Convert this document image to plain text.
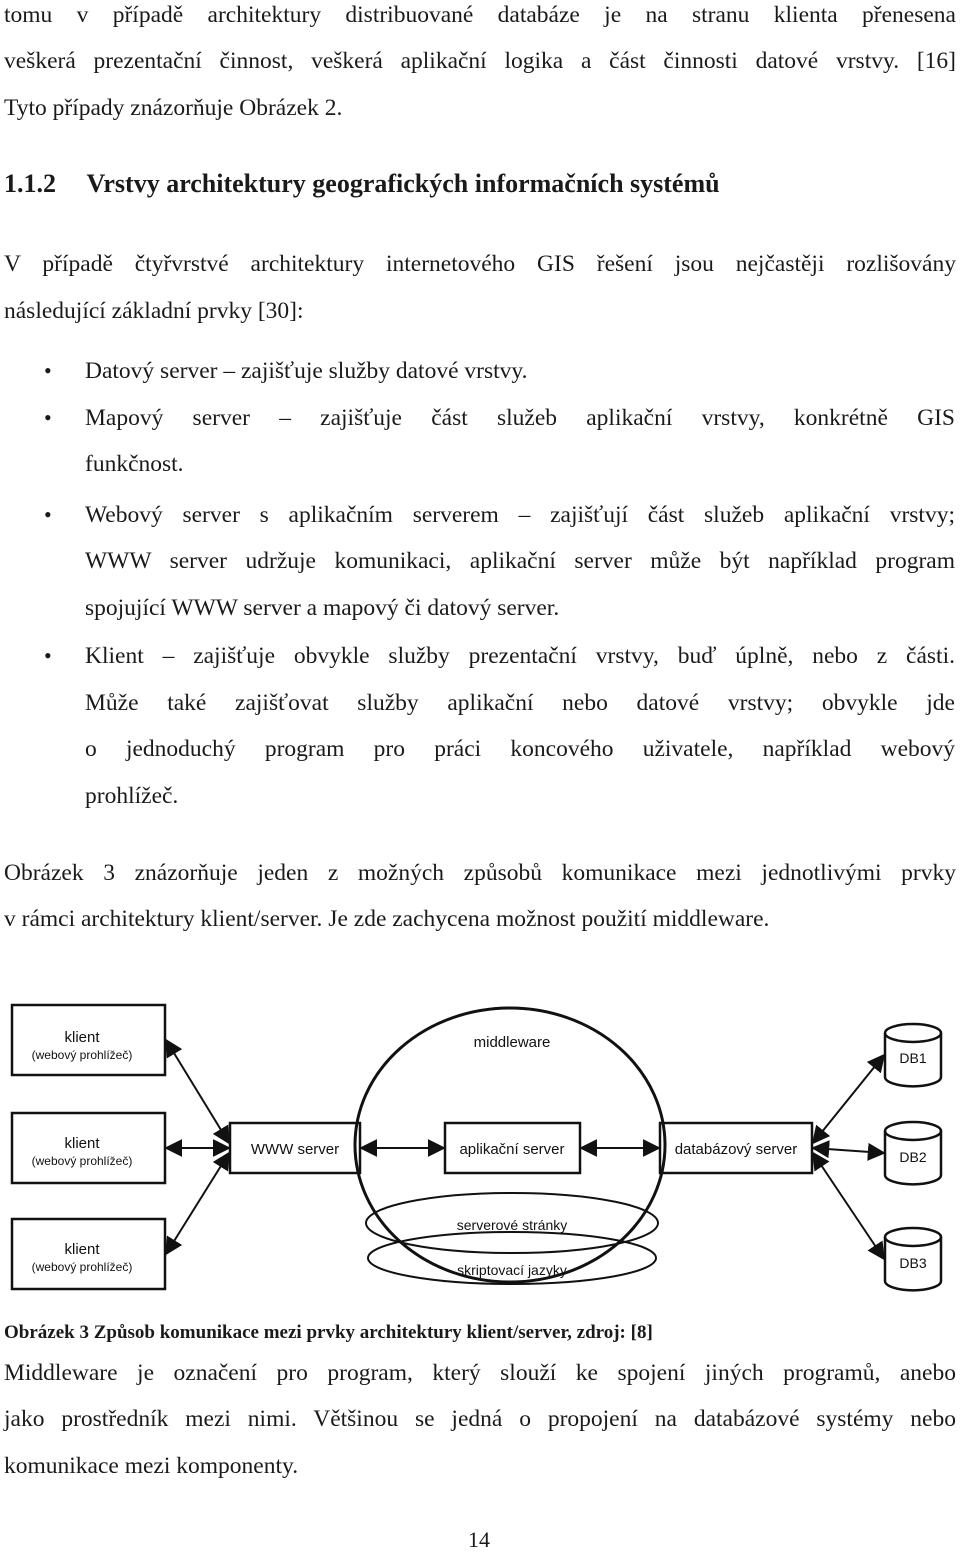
tomu v případě architektury distribuované databáze je na stranu klienta přenesena
veškerá prezentační činnost, veškerá aplikační logika a část činnosti datové vrstvy. [16]
Tyto případy znázorňuje Obrázek 2.
1.1.2 Vrstvy architektury geografických informačních systémů
V případě čtyřvrstvé architektury internetového GIS řešení jsou nejčastěji rozlišovány
následující základní prvky [30]:
• Datový server – zajišťuje služby datové vrstvy.
• Mapový server – zajišťuje část služeb aplikační vrstvy, konkrétně GIS
funkčnost.
• Webový server s aplikačním serverem – zajišťují část služeb aplikační vrstvy;
WWW server udržuje komunikaci, aplikační server může být například program
spojující WWW server a mapový či datový server.
• Klient – zajišťuje obvykle služby prezentační vrstvy, buď úplně, nebo z části.
Může také zajišťovat služby aplikační nebo datové vrstvy; obvykle jde
o jednoduchý program pro práci koncového uživatele, například webový
prohlížeč.
Obrázek 3 znázorňuje jeden z možných způsobů komunikace mezi jednotlivými prvky
v rámci architektury klient/server. Je zde zachycena možnost použití middleware.
middleware
klient
(webový prohlížeč)
klient
(webový prohlížeč)
klient
(webový prohlížeč)
WWW server	aplikační server	databázový server
serverové stránky
skriptovací jazyky
DB1
DB2
DB3
Obrázek 3 Způsob komunikace mezi prvky architektury klient/server, zdroj: [8]
Middleware je označení pro program, který slouží ke spojení jiných programů, anebo
jako prostředník mezi nimi. Většinou se jedná o propojení na databázové systémy nebo
komunikace mezi komponenty.
14
